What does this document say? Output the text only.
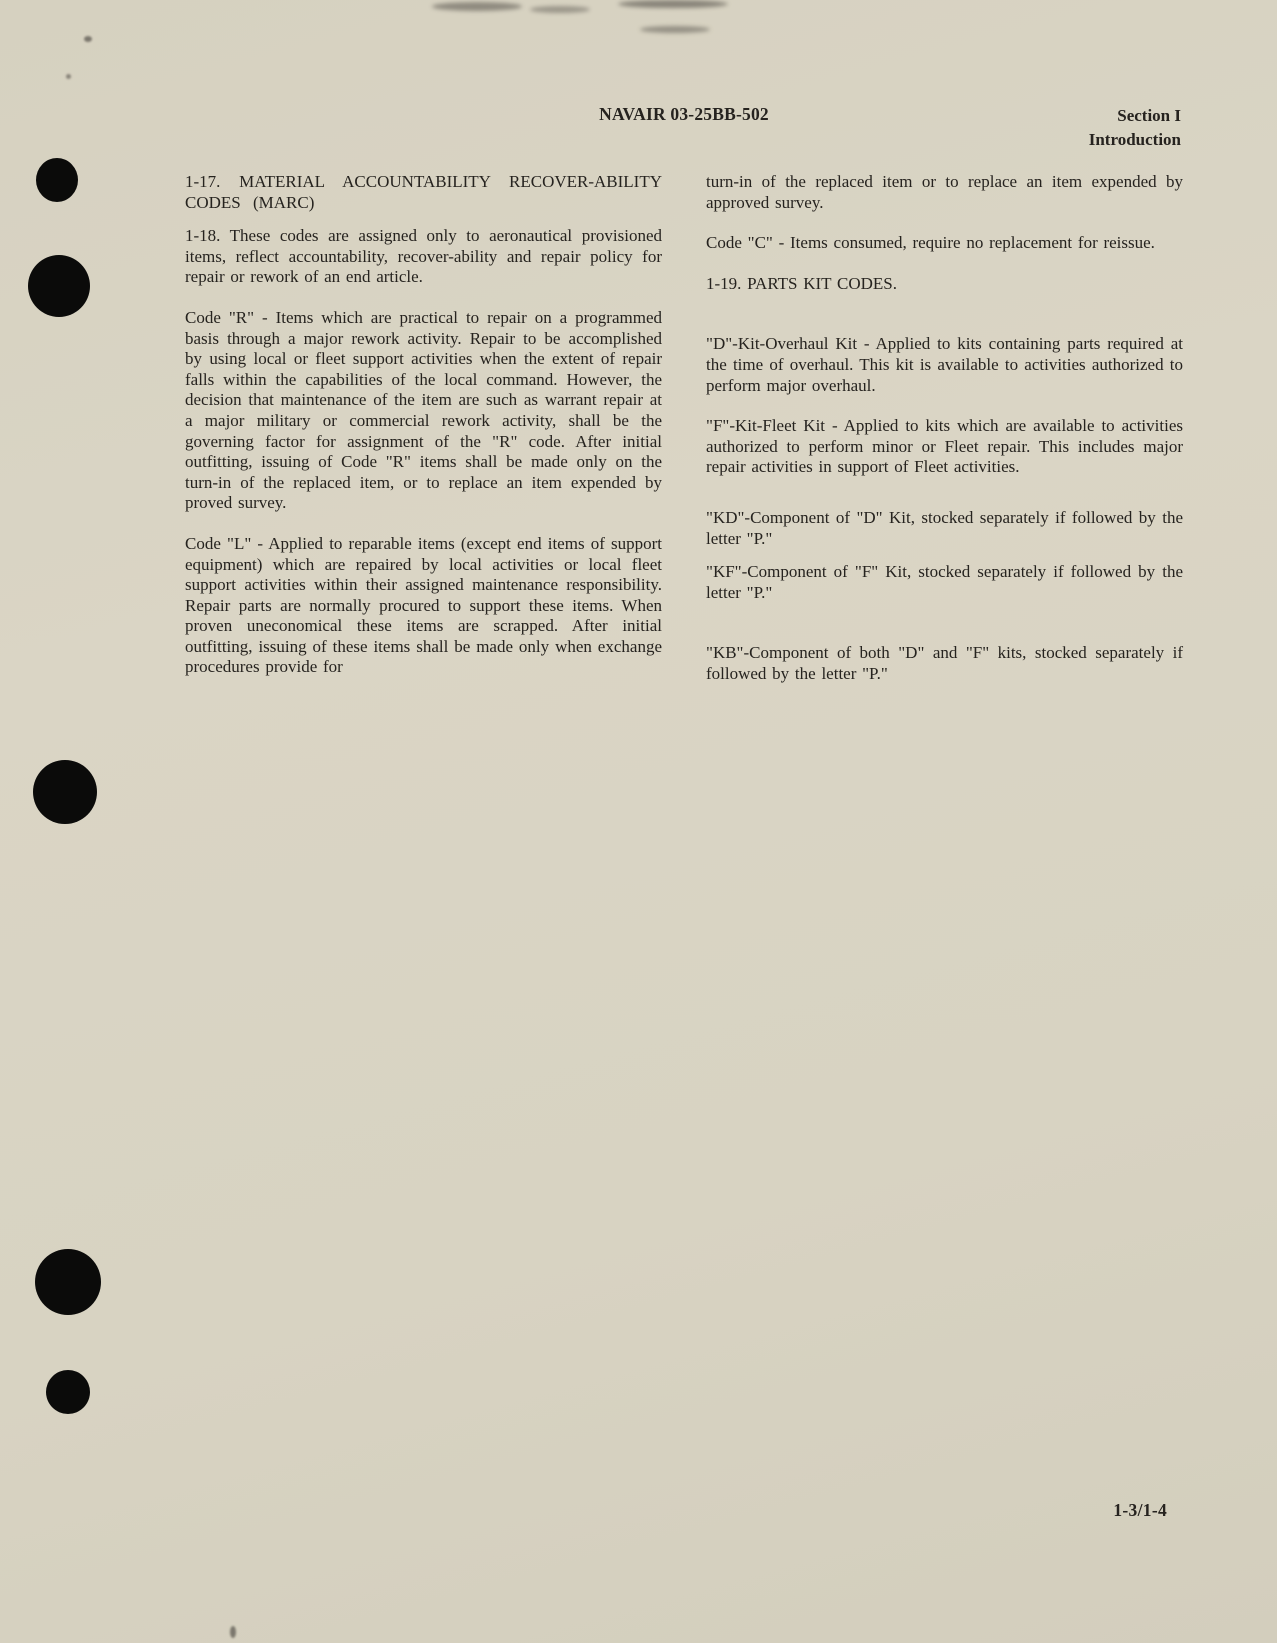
NAVAIR 03-25BB-502	Section I
Introduction

1-17. MATERIAL ACCOUNTABILITY RECOVER-ABILITY CODES (MARC)

1-18. These codes are assigned only to aeronautical provisioned items, reflect accountability, recover-ability and repair policy for repair or rework of an end article.

Code "R" - Items which are practical to repair on a programmed basis through a major rework activity. Repair to be accomplished by using local or fleet support activities when the extent of repair falls within the capabilities of the local command. However, the decision that maintenance of the item are such as warrant repair at a major military or commercial rework activity, shall be the governing factor for assignment of the "R" code. After initial outfitting, issuing of Code "R" items shall be made only on the turn-in of the replaced item, or to replace an item expended by proved survey.

Code "L" - Applied to reparable items (except end items of support equipment) which are repaired by local activities or local fleet support activities within their assigned maintenance responsibility. Repair parts are normally procured to support these items. When proven uneconomical these items are scrapped. After initial outfitting, issuing of these items shall be made only when exchange procedures provide for

turn-in of the replaced item or to replace an item expended by approved survey.

Code "C" - Items consumed, require no replacement for reissue.

1-19. PARTS KIT CODES.

"D"-Kit-Overhaul Kit - Applied to kits containing parts required at the time of overhaul. This kit is available to activities authorized to perform major overhaul.

"F"-Kit-Fleet Kit - Applied to kits which are available to activities authorized to perform minor or Fleet repair. This includes major repair activities in support of Fleet activities.

"KD"-Component of "D" Kit, stocked separately if followed by the letter "P."

"KF"-Component of "F" Kit, stocked separately if followed by the letter "P."

"KB"-Component of both "D" and "F" kits, stocked separately if followed by the letter "P."

1-3/1-4
